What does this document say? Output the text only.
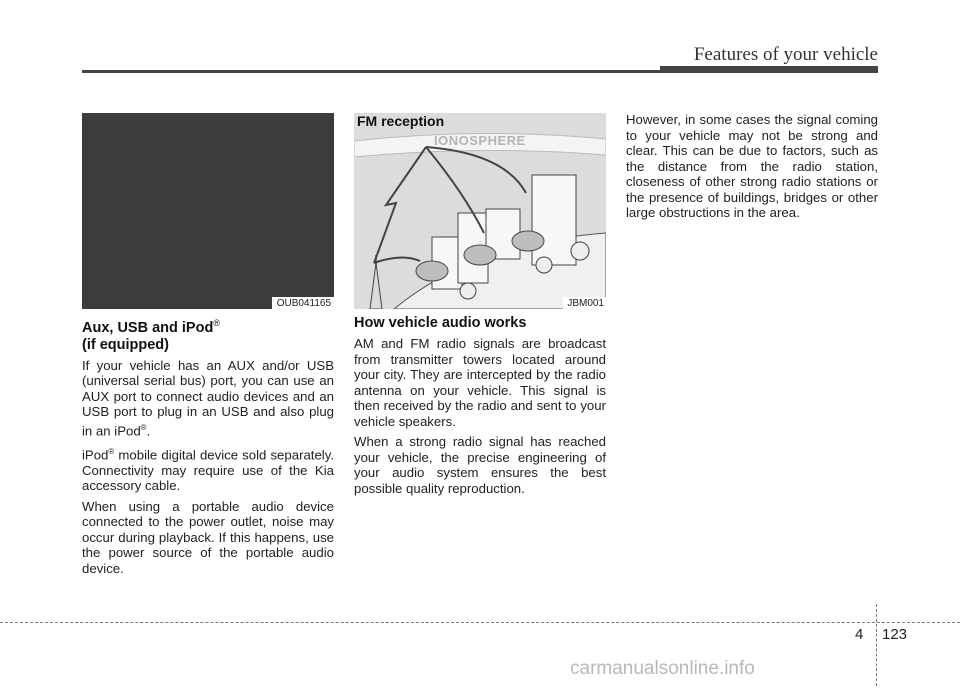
Features of your vehicle
OUB041165
Aux, USB and iPod®
(if equipped)

If your vehicle has an AUX and/or USB (universal serial bus) port, you can use an AUX port to connect audio devices and an USB port to plug in an USB and also plug in an iPod®.

iPod® mobile digital device sold separately. Connectivity may require use of the Kia accessory cable.

When using a portable audio device connected to the power outlet, noise may occur during playback. If this happens, use the power source of the portable audio device.

FM reception
IONOSPHERE
JBM001
How vehicle audio works

AM and FM radio signals are broadcast from transmitter towers located around your city. They are intercepted by the radio antenna on your vehicle. This signal is then received by the radio and sent to your vehicle speakers.

When a strong radio signal has reached your vehicle, the precise engineering of your audio system ensures the best possible quality reproduction.

However, in some cases the signal coming to your vehicle may not be strong and clear. This can be due to factors, such as the distance from the radio station, closeness of other strong radio stations or the presence of buildings, bridges or other large obstructions in the area.

4 123
carmanualsonline.info
